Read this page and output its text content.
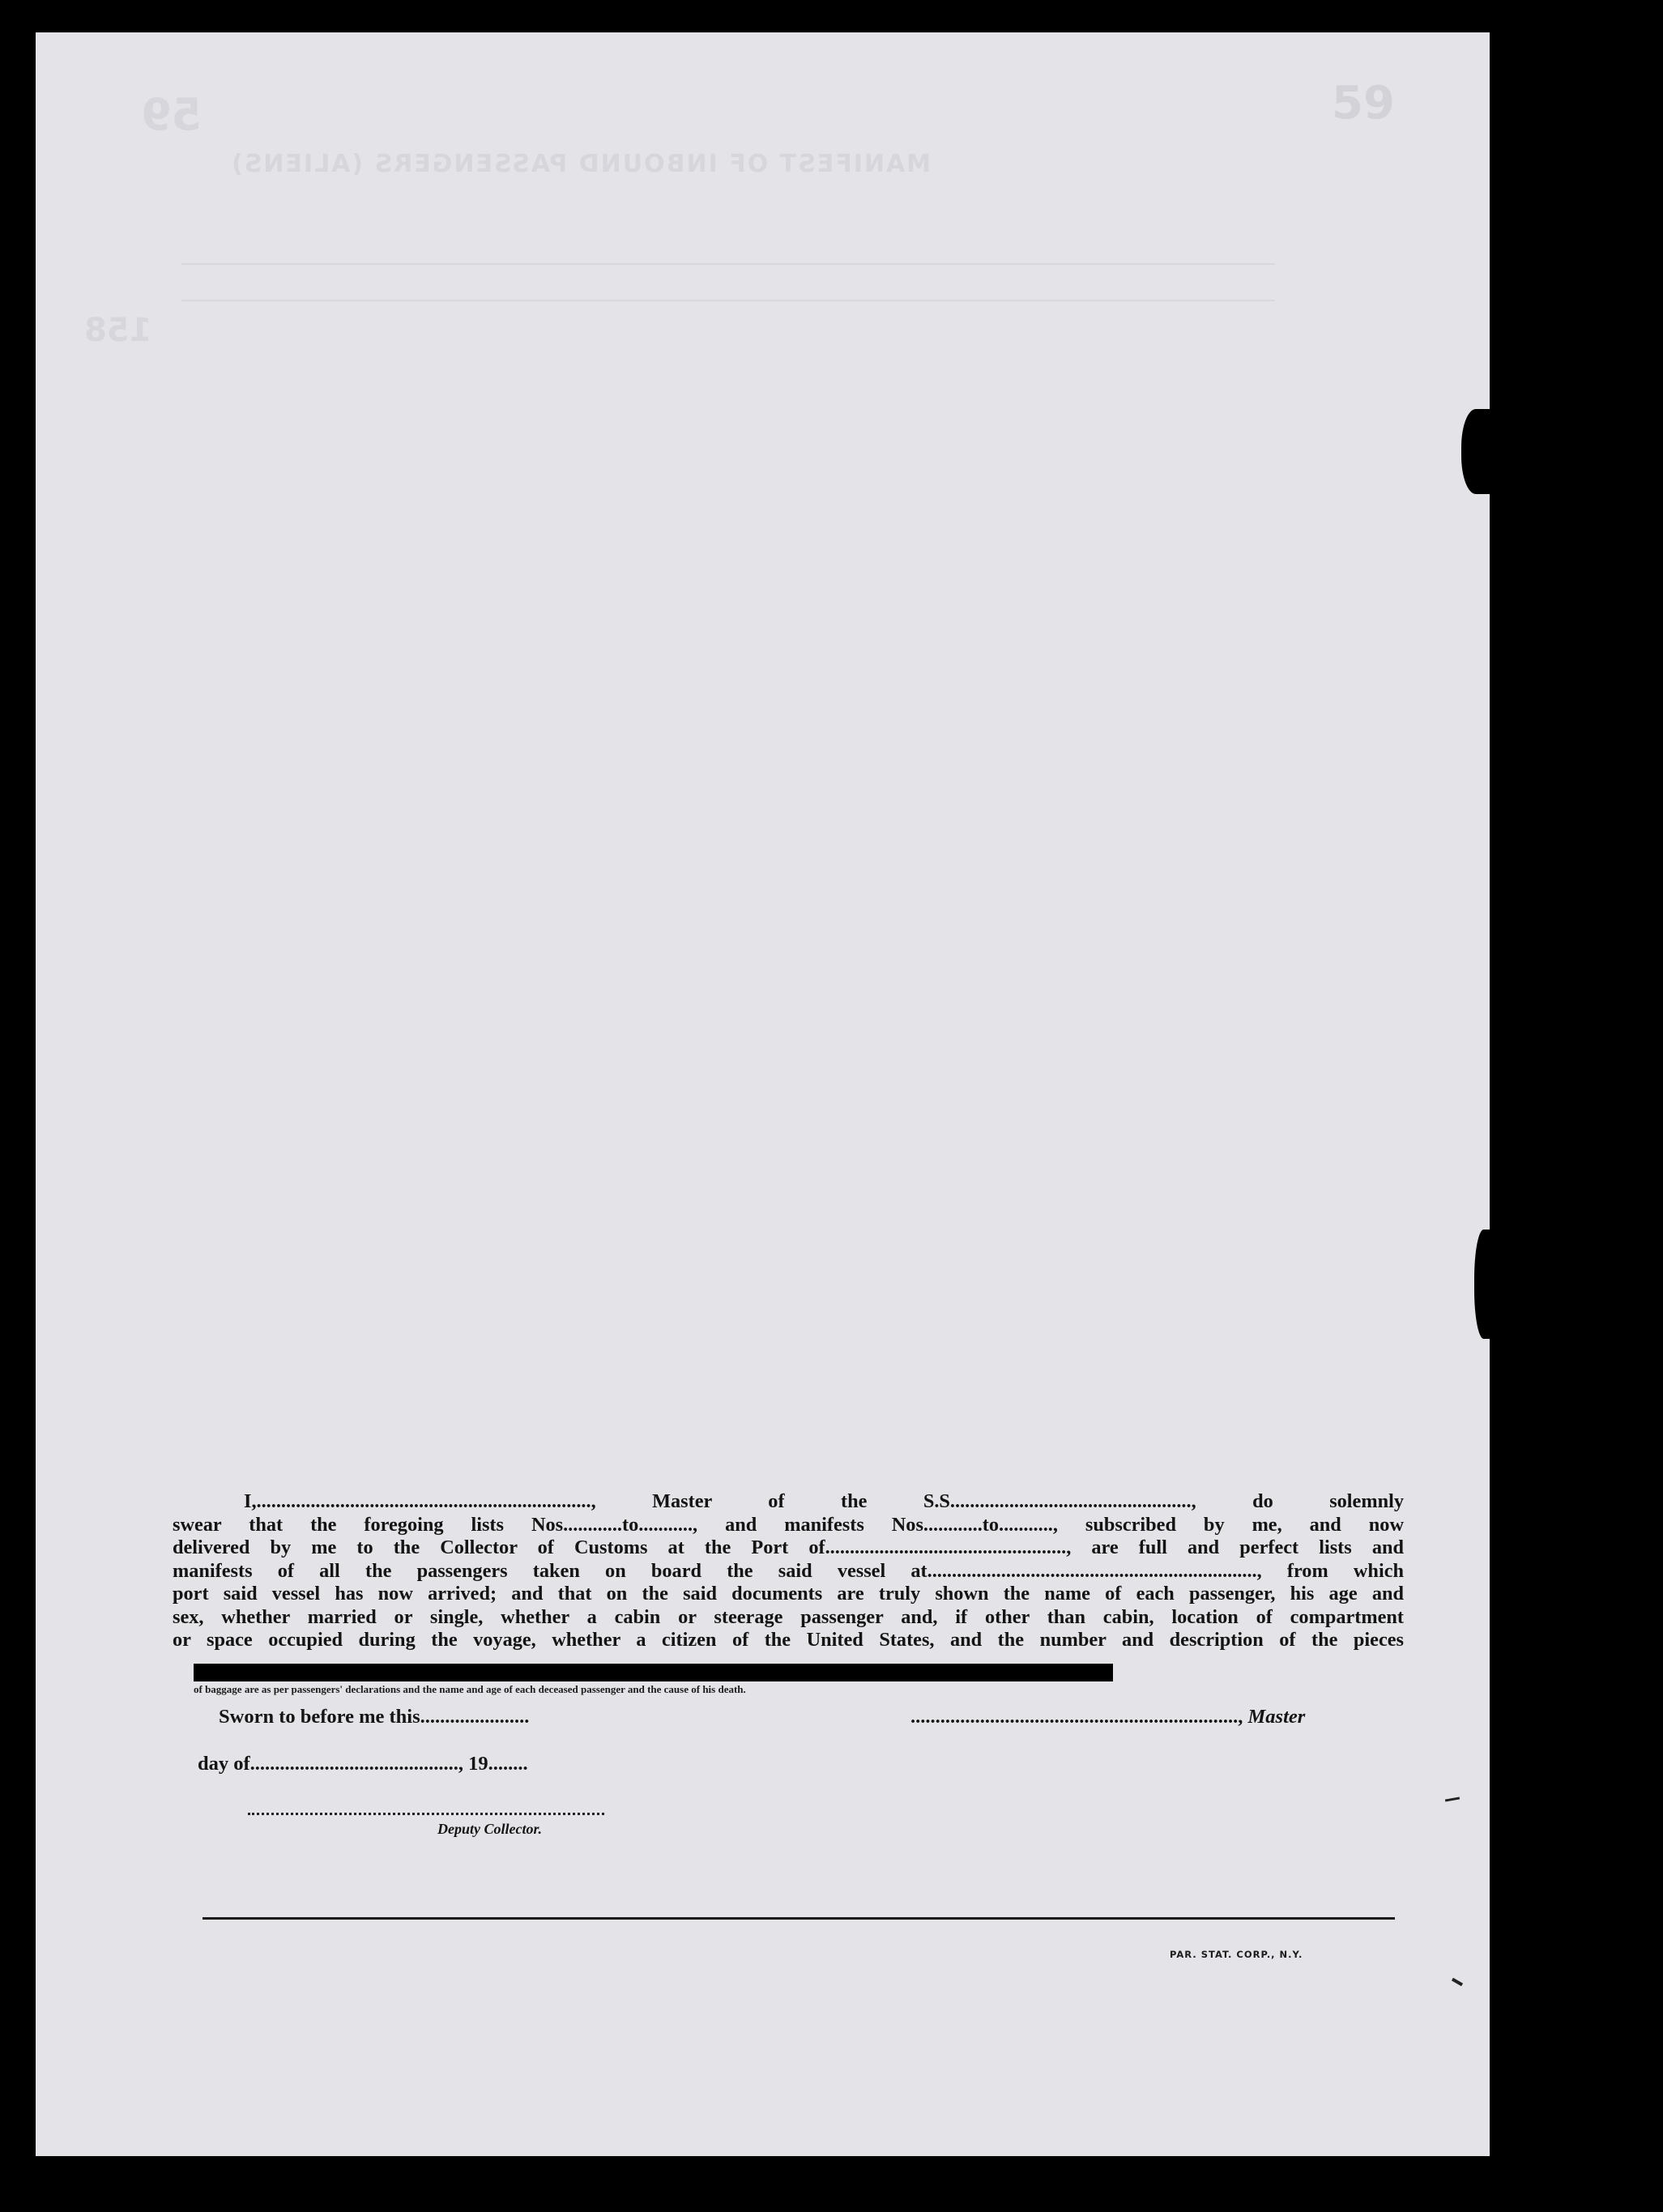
59	59
MANIFEST OF INBOUND PASSENGERS (ALIENS)
158
I,...................................................................., Master of the S.S................................................., do solemnly
swear that the foregoing lists Nos............to..........., and manifests Nos............to..........., subscribed by me, and now
delivered by me to the Collector of Customs at the Port of................................................., are full and perfect lists and
manifests of all the passengers taken on board the said vessel at..................................................................., from which
port said vessel has now arrived; and that on the said documents are truly shown the name of each passenger, his age and
sex, whether married or single, whether a cabin or steerage passenger and, if other than cabin, location of compartment
or space occupied during the voyage, whether a citizen of the United States, and the number and description of the pieces
of baggage are as per passengers' declarations and the name and age of each deceased passenger and the cause of his death.
Sworn to before me this......................	.................................................................., Master
day of.........................................., 19........
Deputy Collector.
PAR. STAT. CORP., N.Y.
